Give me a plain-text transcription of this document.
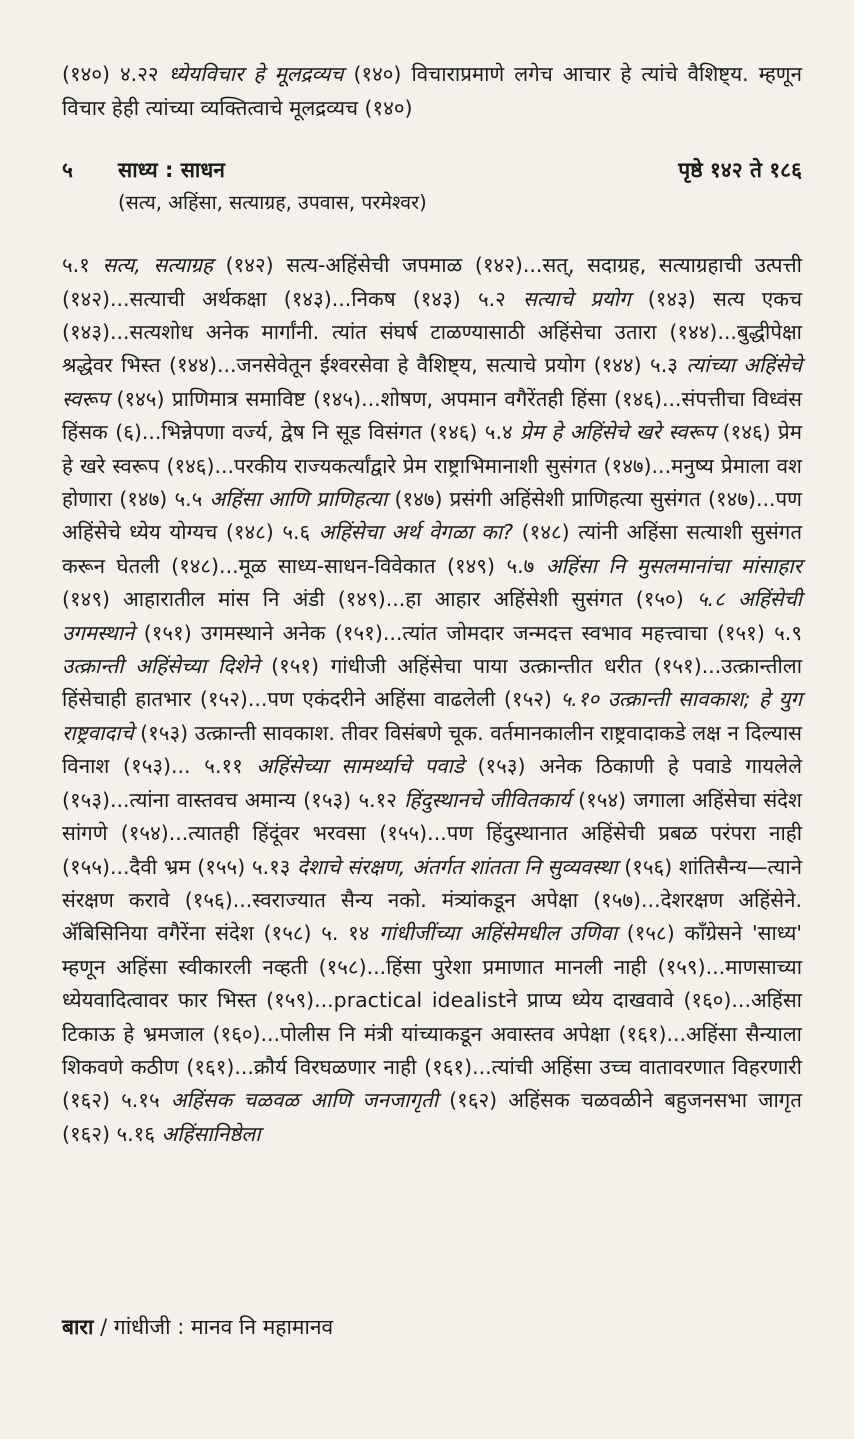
(१४०) ४.२२ ध्येयविचार हे मूलद्रव्यच (१४०) विचाराप्रमाणे लगेच आचार हे त्यांचे वैशिष्ट्य. म्हणून विचार हेही त्यांच्या व्यक्तित्वाचे मूलद्रव्यच (१४०)

५	साध्य : साधन	पृष्ठे १४२ ते १८६
(सत्य, अहिंसा, सत्याग्रह, उपवास, परमेश्वर)

५.१ सत्य, सत्याग्रह (१४२) सत्य-अहिंसेची जपमाळ (१४२)...सत्, सदाग्रह, सत्याग्रहाची उत्पत्ती (१४२)...सत्याची अर्थकक्षा (१४३)...निकष (१४३) ५.२ सत्याचे प्रयोग (१४३) सत्य एकच (१४३)...सत्यशोध अनेक मार्गांनी. त्यांत संघर्ष टाळण्यासाठी अहिंसेचा उतारा (१४४)...बुद्धीपेक्षा श्रद्धेवर भिस्त (१४४)...जनसेवेतून ईश्वरसेवा हे वैशिष्ट्य, सत्याचे प्रयोग (१४४) ५.३ त्यांच्या अहिंसेचे स्वरूप (१४५) प्राणिमात्र समाविष्ट (१४५)...शोषण, अपमान वगैरेंतही हिंसा (१४६)...संपत्तीचा विध्वंस हिंसक (६)...भिन्नेपणा वर्ज्य, द्वेष नि सूड विसंगत (१४६) ५.४ प्रेम हे अहिंसेचे खरे स्वरूप (१४६) प्रेम हे खरे स्वरूप (१४६)...परकीय राज्यकर्त्यांद्वारे प्रेम राष्ट्राभिमानाशी सुसंगत (१४७)...मनुष्य प्रेमाला वश होणारा (१४७) ५.५ अहिंसा आणि प्राणिहत्या (१४७) प्रसंगी अहिंसेशी प्राणिहत्या सुसंगत (१४७)...पण अहिंसेचे ध्येय योग्यच (१४८) ५.६ अहिंसेचा अर्थ वेगळा का? (१४८) त्यांनी अहिंसा सत्याशी सुसंगत करून घेतली (१४८)...मूळ साध्य-साधन-विवेकात (१४९) ५.७ अहिंसा नि मुसलमानांचा मांसाहार (१४९) आहारातील मांस नि अंडी (१४९)...हा आहार अहिंसेशी सुसंगत (१५०) ५.८ अहिंसेची उगमस्थाने (१५१) उगमस्थाने अनेक (१५१)...त्यांत जोमदार जन्मदत्त स्वभाव महत्त्वाचा (१५१) ५.९ उत्क्रान्ती अहिंसेच्या दिशेने (१५१) गांधीजी अहिंसेचा पाया उत्क्रान्तीत धरीत (१५१)...उत्क्रान्तीला हिंसेचाही हातभार (१५२)...पण एकंदरीने अहिंसा वाढलेली (१५२) ५.१० उत्क्रान्ती सावकाश; हे युग राष्ट्रवादाचे (१५३) उत्क्रान्ती सावकाश. तीवर विसंबणे चूक. वर्तमानकालीन राष्ट्रवादाकडे लक्ष न दिल्यास विनाश (१५३)... ५.११ अहिंसेच्या सामर्थ्याचे पवाडे (१५३) अनेक ठिकाणी हे पवाडे गायलेले (१५३)...त्यांना वास्तवच अमान्य (१५३) ५.१२ हिंदुस्थानचे जीवितकार्य (१५४) जगाला अहिंसेचा संदेश सांगणे (१५४)...त्यातही हिंदूंवर भरवसा (१५५)...पण हिंदुस्थानात अहिंसेची प्रबळ परंपरा नाही (१५५)...दैवी भ्रम (१५५) ५.१३ देशाचे संरक्षण, अंतर्गत शांतता नि सुव्यवस्था (१५६) शांतिसैन्य—त्याने संरक्षण करावे (१५६)...स्वराज्यात सैन्य नको. मंत्र्यांकडून अपेक्षा (१५७)...देशरक्षण अहिंसेने. ॲबिसिनिया वगैरेंना संदेश (१५८) ५. १४ गांधीजींच्या अहिंसेमधील उणिवा (१५८) काँग्रेसने 'साध्य' म्हणून अहिंसा स्वीकारली नव्हती (१५८)...हिंसा पुरेशा प्रमाणात मानली नाही (१५९)...माणसाच्या ध्येयवादित्वावर फार भिस्त (१५९)...practical idealistने प्राप्य ध्येय दाखवावे (१६०)...अहिंसा टिकाऊ हे भ्रमजाल (१६०)...पोलीस नि मंत्री यांच्याकडून अवास्तव अपेक्षा (१६१)...अहिंसा सैन्याला शिकवणे कठीण (१६१)...क्रौर्य विरघळणार नाही (१६१)...त्यांची अहिंसा उच्च वातावरणात विहरणारी (१६२) ५.१५ अहिंसक चळवळ आणि जनजागृती (१६२) अहिंसक चळवळीने बहुजनसभा जागृत (१६२) ५.१६ अहिंसानिष्ठेला

बारा / गांधीजी : मानव नि महामानव
